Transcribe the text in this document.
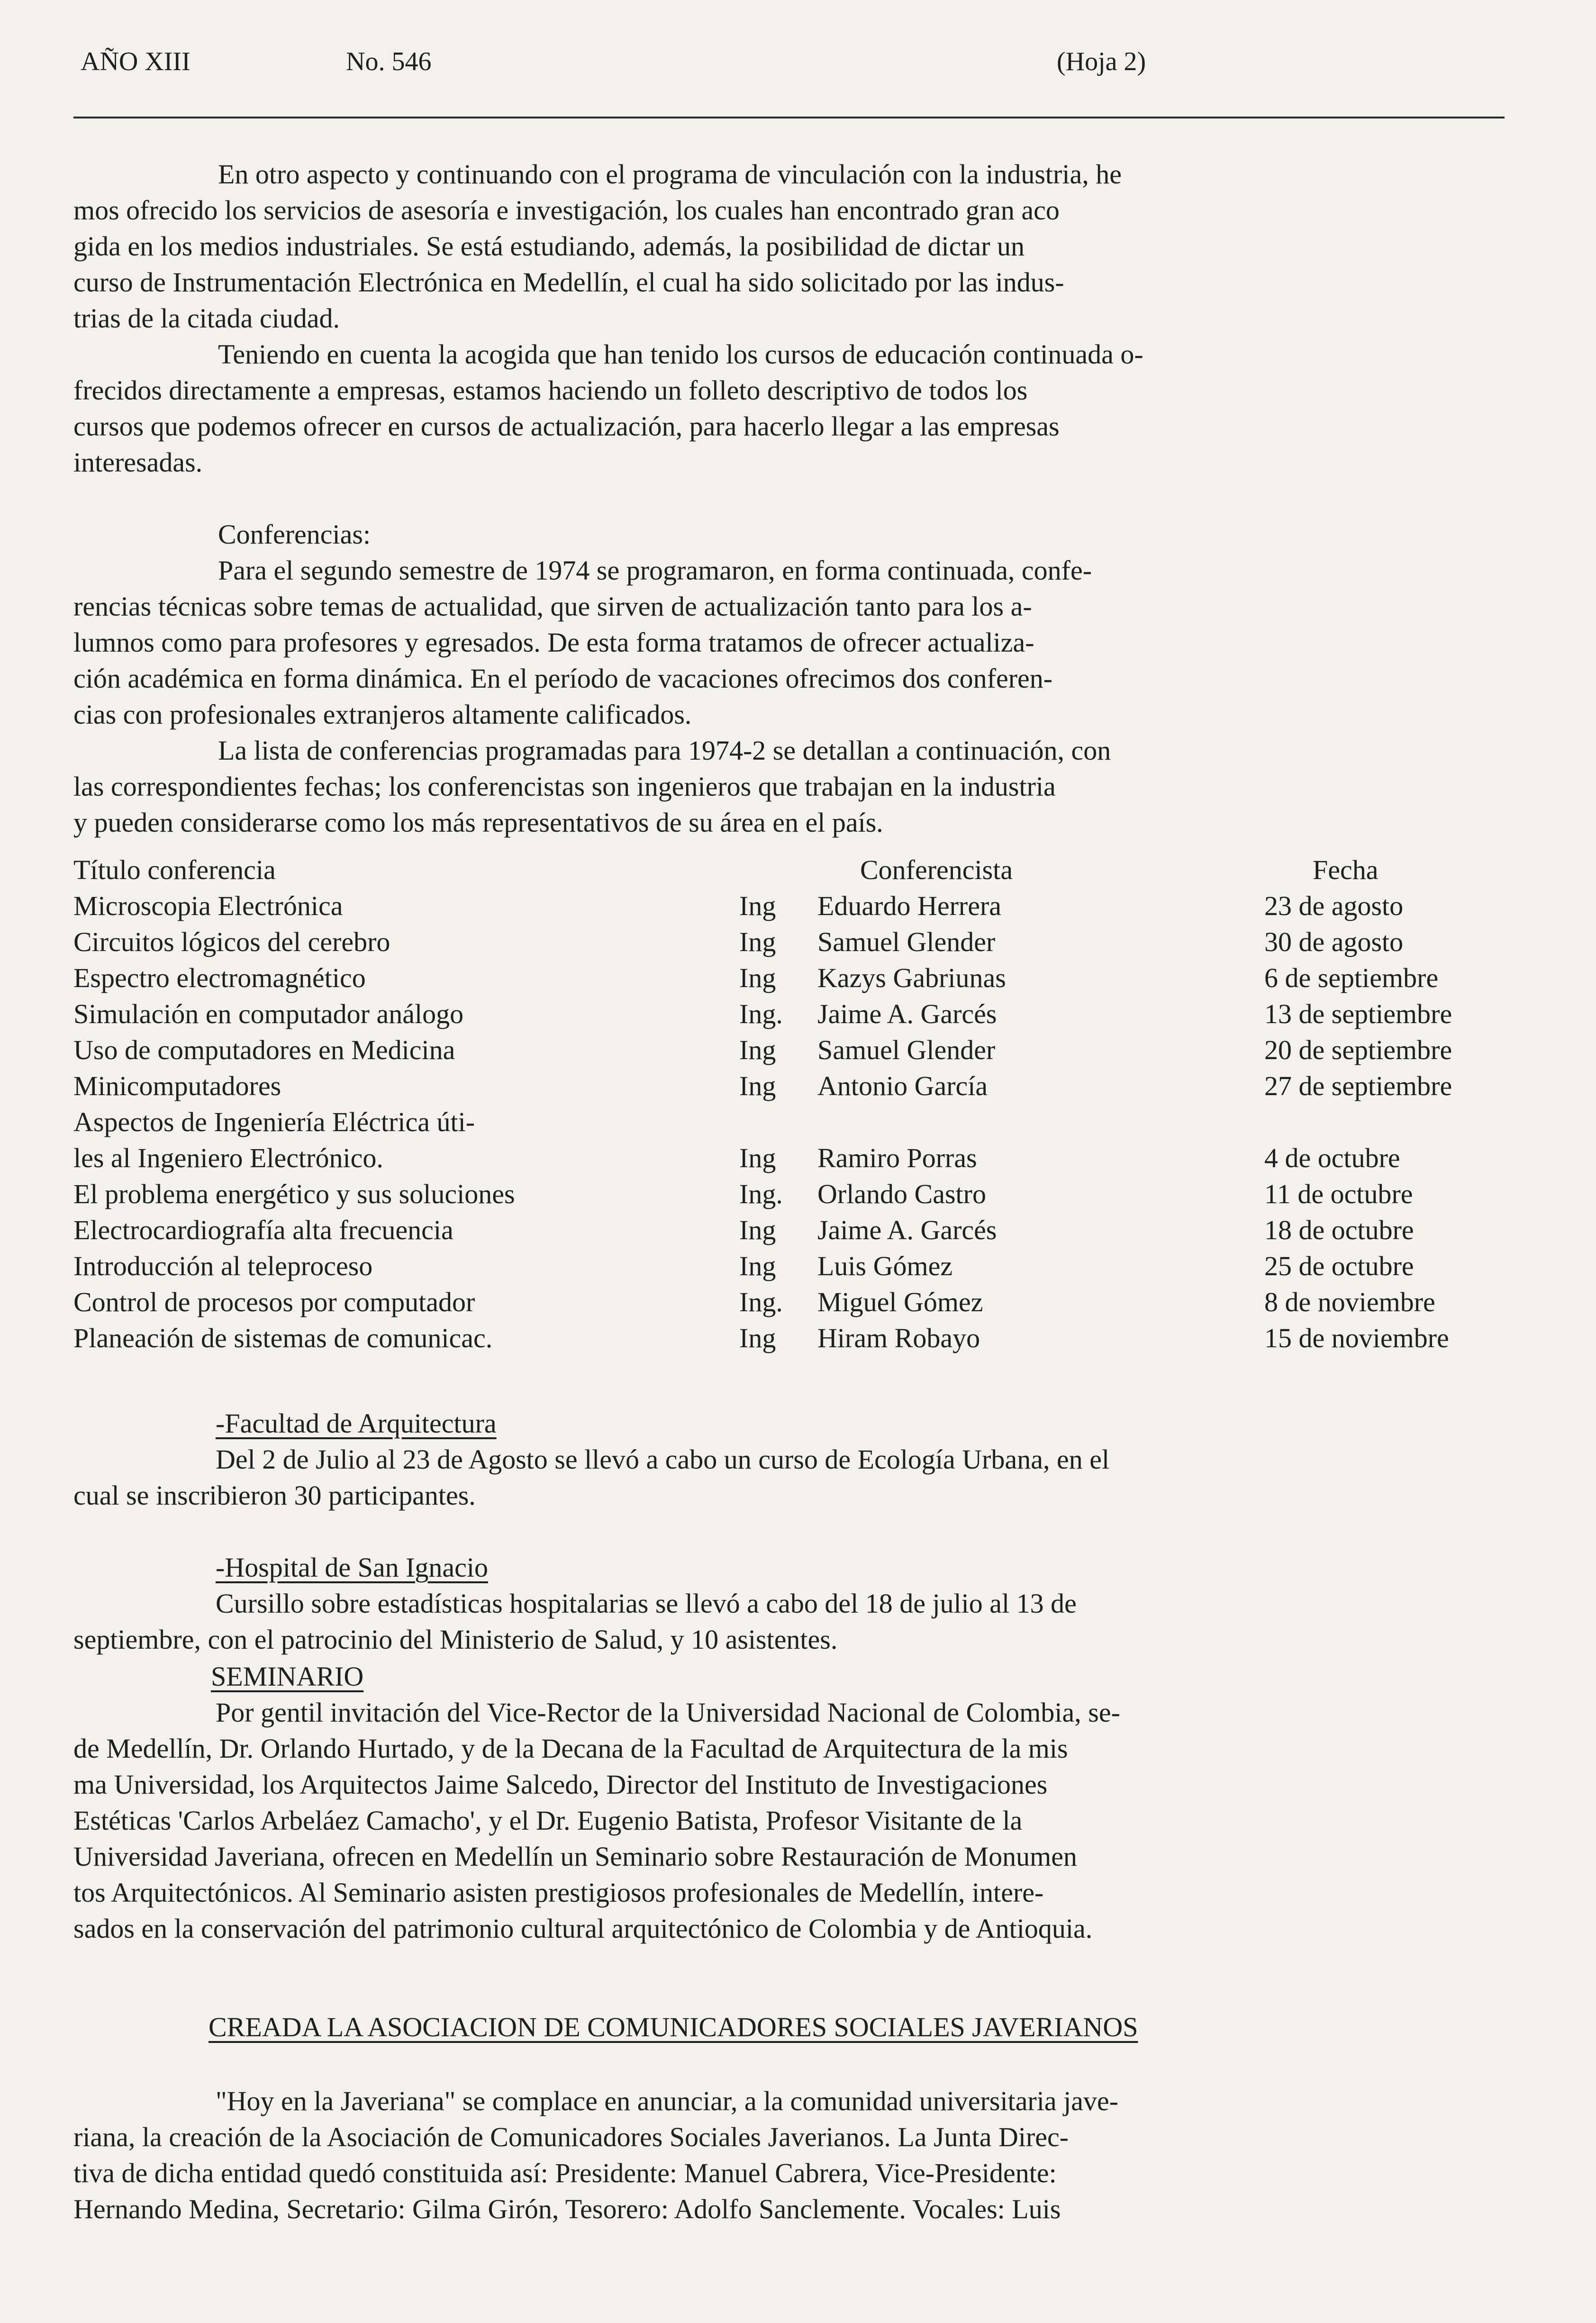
AÑO XIII	No. 546	(Hoja 2)
En otro aspecto y continuando con el programa de vinculación con la industria, he
mos ofrecido los servicios de asesoría e investigación, los cuales han encontrado gran aco
gida en los medios industriales. Se está estudiando, además, la posibilidad de dictar un
curso de Instrumentación Electrónica en Medellín, el cual ha sido solicitado por las indus-
trias de la citada ciudad.
Teniendo en cuenta la acogida que han tenido los cursos de educación continuada o-
frecidos directamente a empresas, estamos haciendo un folleto descriptivo de todos los
cursos que podemos ofrecer en cursos de actualización, para hacerlo llegar a las empresas
interesadas.
Conferencias:
Para el segundo semestre de 1974 se programaron, en forma continuada, confe-
rencias técnicas sobre temas de actualidad, que sirven de actualización tanto para los a-
lumnos como para profesores y egresados. De esta forma tratamos de ofrecer actualiza-
ción académica en forma dinámica. En el período de vacaciones ofrecimos dos conferen-
cias con profesionales extranjeros altamente calificados.
La lista de conferencias programadas para 1974-2 se detallan a continuación, con
las correspondientes fechas; los conferencistas son ingenieros que trabajan en la industria
y pueden considerarse como los más representativos de su área en el país.
Título conferencia	Conferencista	Fecha
Microscopia Electrónica	Ing Eduardo Herrera	23 de agosto
Circuitos lógicos del cerebro	Ing Samuel Glender	30 de agosto
Espectro electromagnético	Ing Kazys Gabriunas	6 de septiembre
Simulación en computador análogo	Ing. Jaime A. Garcés	13 de septiembre
Uso de computadores en Medicina	Ing Samuel Glender	20 de septiembre
Minicomputadores	Ing Antonio García	27 de septiembre
Aspectos de Ingeniería Eléctrica úti-
les al Ingeniero Electrónico.	Ing Ramiro Porras	4 de octubre
El problema energético y sus soluciones	Ing. Orlando Castro	11 de octubre
Electrocardiografía alta frecuencia	Ing Jaime A. Garcés	18 de octubre
Introducción al teleproceso	Ing Luis Gómez	25 de octubre
Control de procesos por computador	Ing. Miguel Gómez	8 de noviembre
Planeación de sistemas de comunicac.	Ing Hiram Robayo	15 de noviembre
-Facultad de Arquitectura
Del 2 de Julio al 23 de Agosto se llevó a cabo un curso de Ecología Urbana, en el
cual se inscribieron 30 participantes.
-Hospital de San Ignacio
Cursillo sobre estadísticas hospitalarias se llevó a cabo del 18 de julio al 13 de
septiembre, con el patrocinio del Ministerio de Salud, y 10 asistentes.
SEMINARIO
Por gentil invitación del Vice-Rector de la Universidad Nacional de Colombia, se-
de Medellín, Dr. Orlando Hurtado, y de la Decana de la Facultad de Arquitectura de la mis
ma Universidad, los Arquitectos Jaime Salcedo, Director del Instituto de Investigaciones
Estéticas 'Carlos Arbeláez Camacho', y el Dr. Eugenio Batista, Profesor Visitante de la
Universidad Javeriana, ofrecen en Medellín un Seminario sobre Restauración de Monumen
tos Arquitectónicos. Al Seminario asisten prestigiosos profesionales de Medellín, intere-
sados en la conservación del patrimonio cultural arquitectónico de Colombia y de Antioquia.
CREADA LA ASOCIACION DE COMUNICADORES SOCIALES JAVERIANOS
"Hoy en la Javeriana" se complace en anunciar, a la comunidad universitaria jave-
riana, la creación de la Asociación de Comunicadores Sociales Javerianos. La Junta Direc-
tiva de dicha entidad quedó constituida así: Presidente: Manuel Cabrera, Vice-Presidente:
Hernando Medina, Secretario: Gilma Girón, Tesorero: Adolfo Sanclemente. Vocales: Luis
